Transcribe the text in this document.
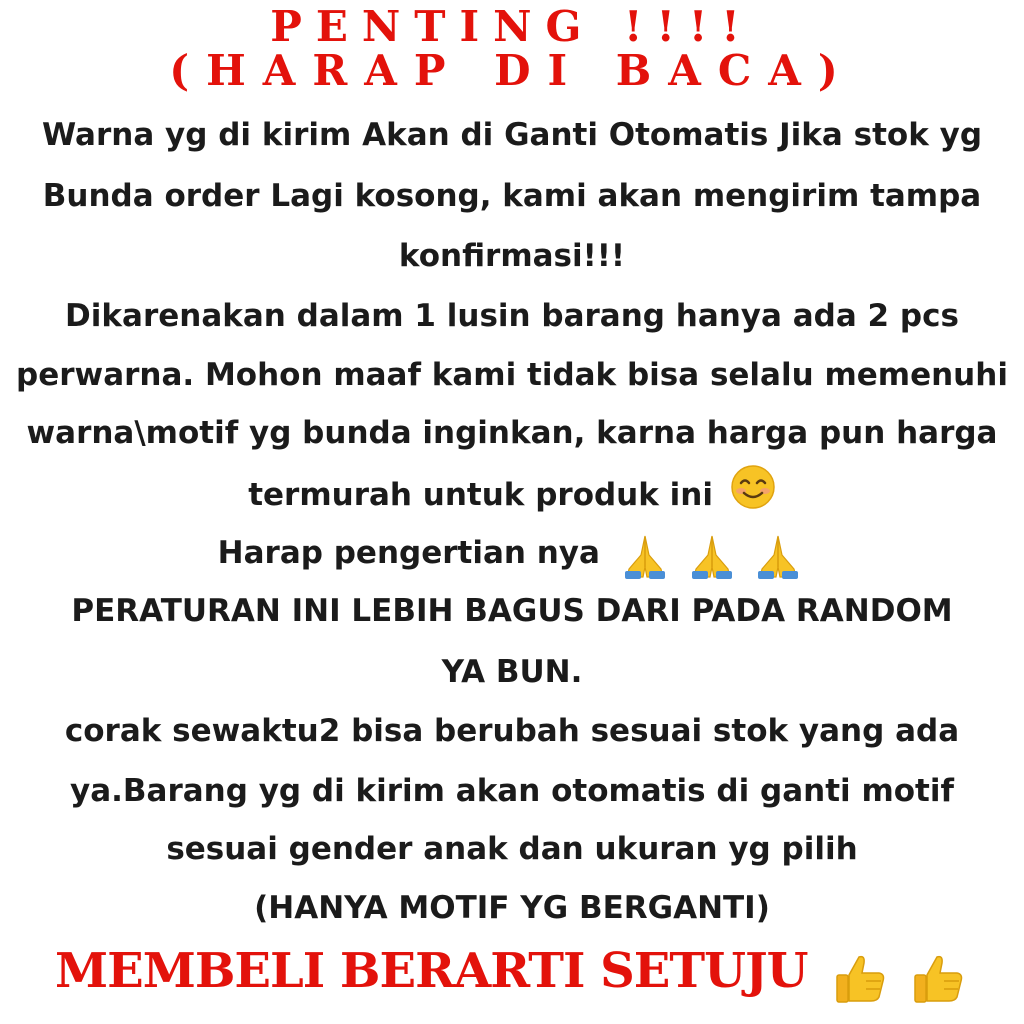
PENTING !!!!
(HARAP DI BACA)
Warna yg di kirim Akan di Ganti Otomatis Jika stok yg
Bunda order Lagi kosong, kami akan mengirim tampa
konfirmasi!!!
Dikarenakan dalam 1 lusin barang hanya ada 2 pcs
perwarna. Mohon maaf kami tidak bisa selalu memenuhi
warna\motif yg bunda inginkan, karna harga pun harga
termurah untuk produk ini
Harap pengertian nya
PERATURAN INI LEBIH BAGUS DARI PADA RANDOM
YA BUN.
corak sewaktu2 bisa berubah sesuai stok yang ada
ya.Barang yg di kirim akan otomatis di ganti motif
sesuai gender anak dan ukuran yg pilih
(HANYA MOTIF YG BERGANTI)
MEMBELI BERARTI SETUJU
